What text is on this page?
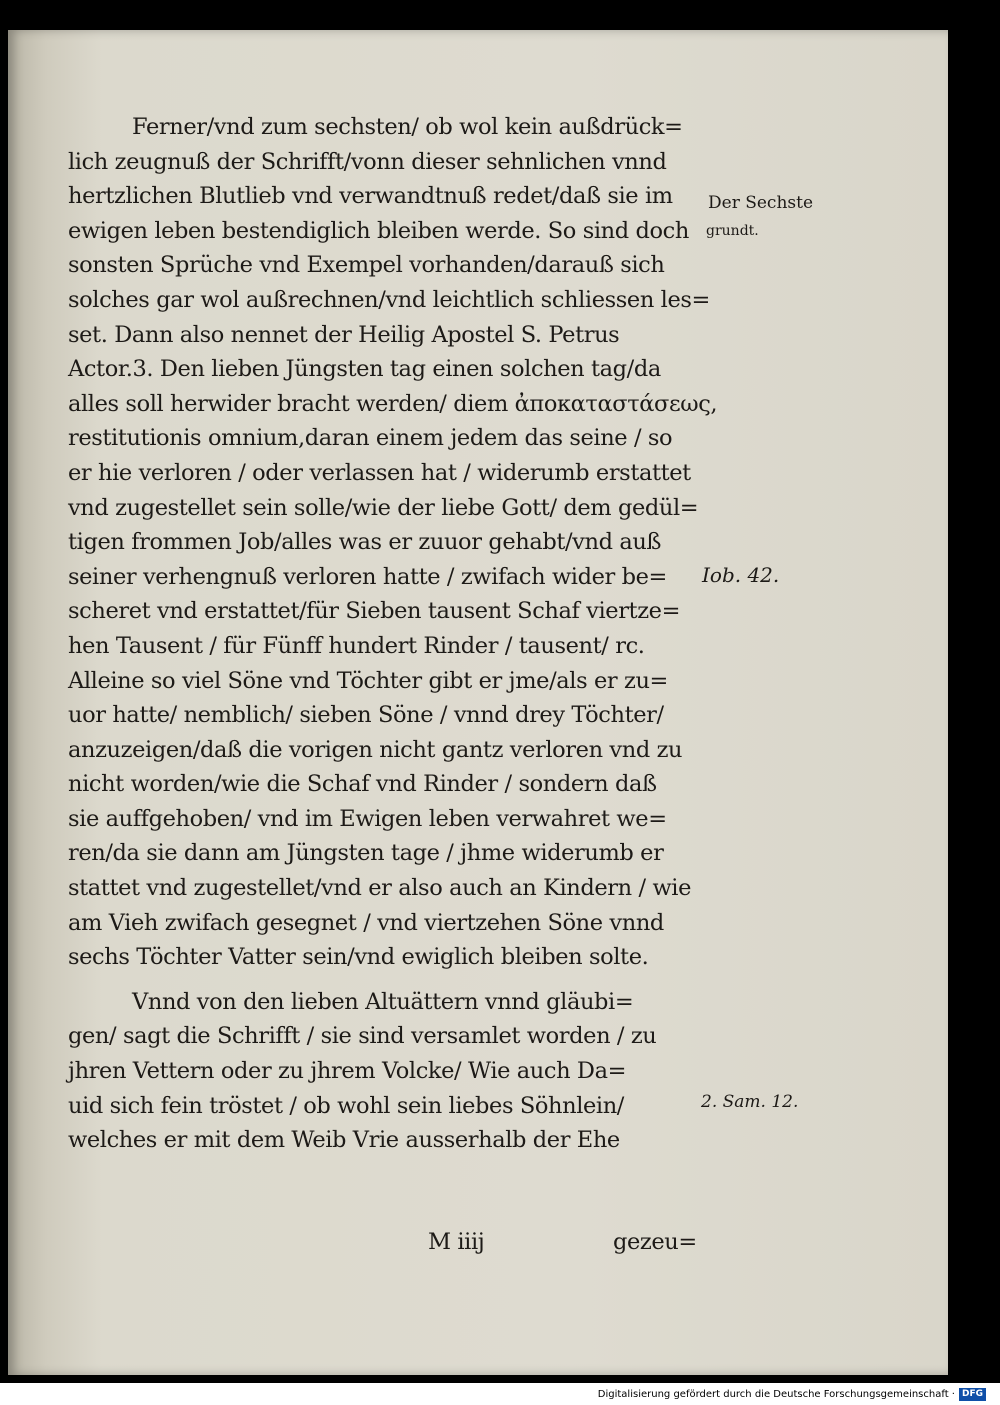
Ferner/vnd zum sechsten/ ob wol kein außdrück=
lich zeugnuß der Schrifft/vonn dieser sehnlichen vnnd
hertzlichen Blutlieb vnd verwandtnuß redet/daß sie im
ewigen leben bestendiglich bleiben werde. So sind doch
sonsten Sprüche vnd Exempel vorhanden/darauß sich
solches gar wol außrechnen/vnd leichtlich schliessen les=
set. Dann also nennet der Heilig Apostel S. Petrus
Actor.3. Den lieben Jüngsten tag einen solchen tag/da
alles soll herwider bracht werden/ diem ἀποκαταστάσεως,
restitutionis omnium,daran einem jedem das seine / so
er hie verloren / oder verlassen hat / widerumb erstattet
vnd zugestellet sein solle/wie der liebe Gott/ dem gedül=
tigen frommen Job/alles was er zuuor gehabt/vnd auß
seiner verhengnuß verloren hatte / zwifach wider be=
scheret vnd erstattet/für Sieben tausent Schaf viertze=
hen Tausent / für Fünff hundert Rinder / tausent/ rc.
Alleine so viel Söne vnd Töchter gibt er jme/als er zu=
uor hatte/ nemblich/ sieben Söne / vnnd drey Töchter/
anzuzeigen/daß die vorigen nicht gantz verloren vnd zu
nicht worden/wie die Schaf vnd Rinder / sondern daß
sie auffgehoben/ vnd im Ewigen leben verwahret we=
ren/da sie dann am Jüngsten tage / jhme widerumb er
stattet vnd zugestellet/vnd er also auch an Kindern / wie
am Vieh zwifach gesegnet / vnd viertzehen Söne vnnd
sechs Töchter Vatter sein/vnd ewiglich bleiben solte.
Vnnd von den lieben Altuättern vnnd gläubi=
gen/ sagt die Schrifft / sie sind versamlet worden / zu
jhren Vettern oder zu jhrem Volcke/ Wie auch Da=
uid sich fein tröstet / ob wohl sein liebes Söhnlein/
welches er mit dem Weib Vrie ausserhalb der Ehe
M iiij	gezeu=
Der Sechste
grundt.
Iob. 42.
2. Sam. 12.
Digitalisierung gefördert durch die Deutsche Forschungsgemeinschaft · DFG
